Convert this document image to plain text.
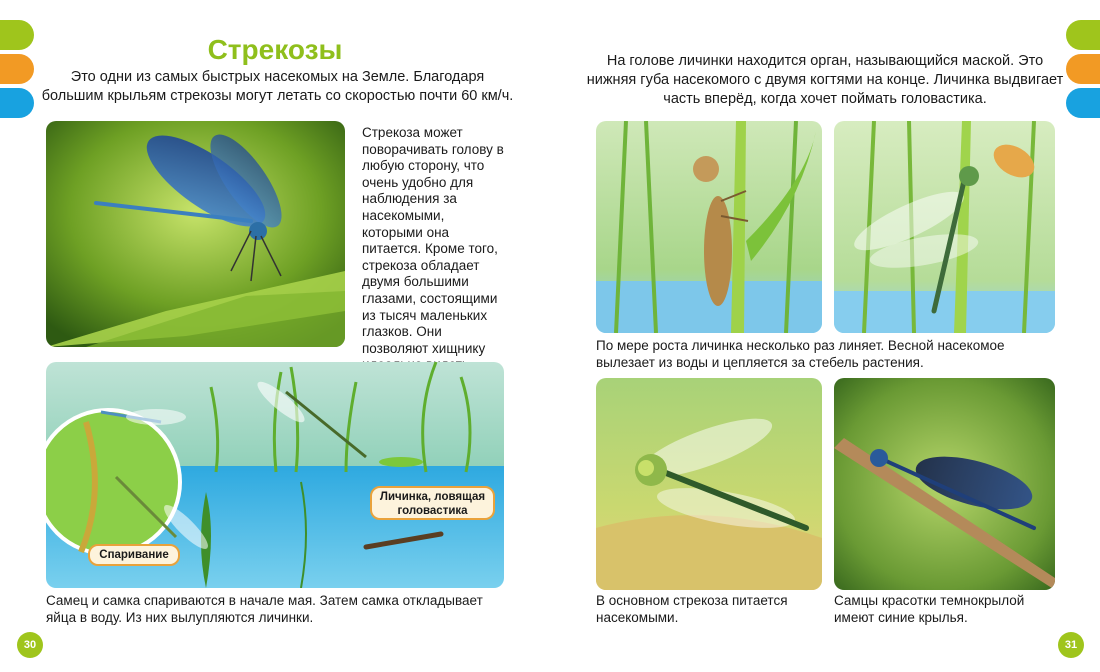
Стрекозы

Это одни из самых быстрых насекомых на Земле. Благодаря большим крыльям стрекозы могут летать со скоростью почти 60 км/ч.

Стрекоза может поворачивать голову в любую сторону, что очень удобно для наблюдения за насекомыми, которыми она питается. Кроме того, стрекоза обладает двумя большими глазами, состоящими из тысяч маленьких глазков. Они позволяют хищнику

Спаривание
Личинка, ловящая головастика

Самец и самка спариваются в начале мая. Затем самка откладывает яйца в воду. Из них вылупляются личинки.

30

На голове личинки находится орган, называющийся маской. Это нижняя губа насекомого с двумя когтями на конце. Личинка выдвигает часть вперёд, когда хочет поймать головастика.

По мере роста личинка несколько раз линяет. Весной насекомое вылезает из воды и цепляется за стебель растения.

В основном стрекоза питается насекомыми.

Самцы красотки темнокрылой имеют синие крылья.

31
